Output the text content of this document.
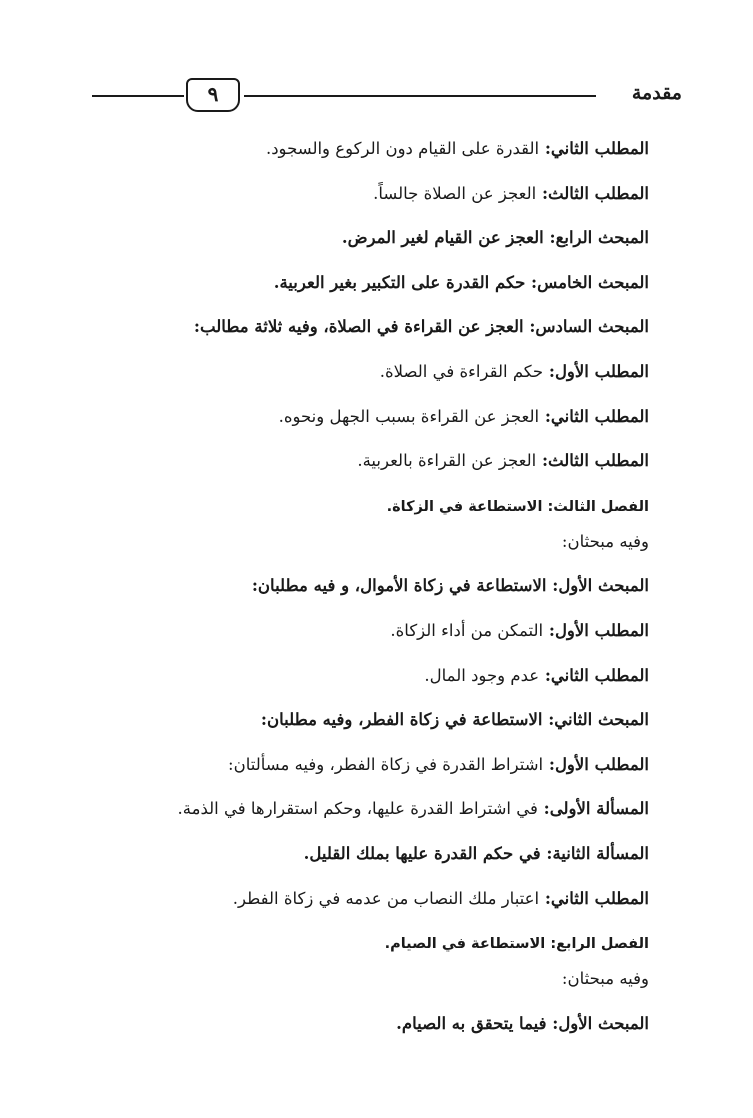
مقدمة
٩
المطلب الثاني: القدرة على القيام دون الركوع والسجود.
المطلب الثالث: العجز عن الصلاة جالساً.
المبحث الرابع: العجز عن القيام لغير المرض.
المبحث الخامس: حكم القدرة على التكبير بغير العربية.
المبحث السادس: العجز عن القراءة في الصلاة، وفيه ثلاثة مطالب:
المطلب الأول: حكم القراءة في الصلاة.
المطلب الثاني: العجز عن القراءة بسبب الجهل ونحوه.
المطلب الثالث: العجز عن القراءة بالعربية.
الفصل الثالث: الاستطاعة في الزكاة.
وفيه مبحثان:
المبحث الأول: الاستطاعة في زكاة الأموال، و فيه مطلبان:
المطلب الأول: التمكن من أداء الزكاة.
المطلب الثاني: عدم وجود المال.
المبحث الثاني: الاستطاعة في زكاة الفطر، وفيه مطلبان:
المطلب الأول: اشتراط القدرة في زكاة الفطر، وفيه مسألتان:
المسألة الأولى: في اشتراط القدرة عليها، وحكم استقرارها في الذمة.
المسألة الثانية: في حكم القدرة عليها بملك القليل.
المطلب الثاني: اعتبار ملك النصاب من عدمه في زكاة الفطر.
الفصل الرابع: الاستطاعة في الصيام.
وفيه مبحثان:
المبحث الأول: فيما يتحقق به الصيام.
